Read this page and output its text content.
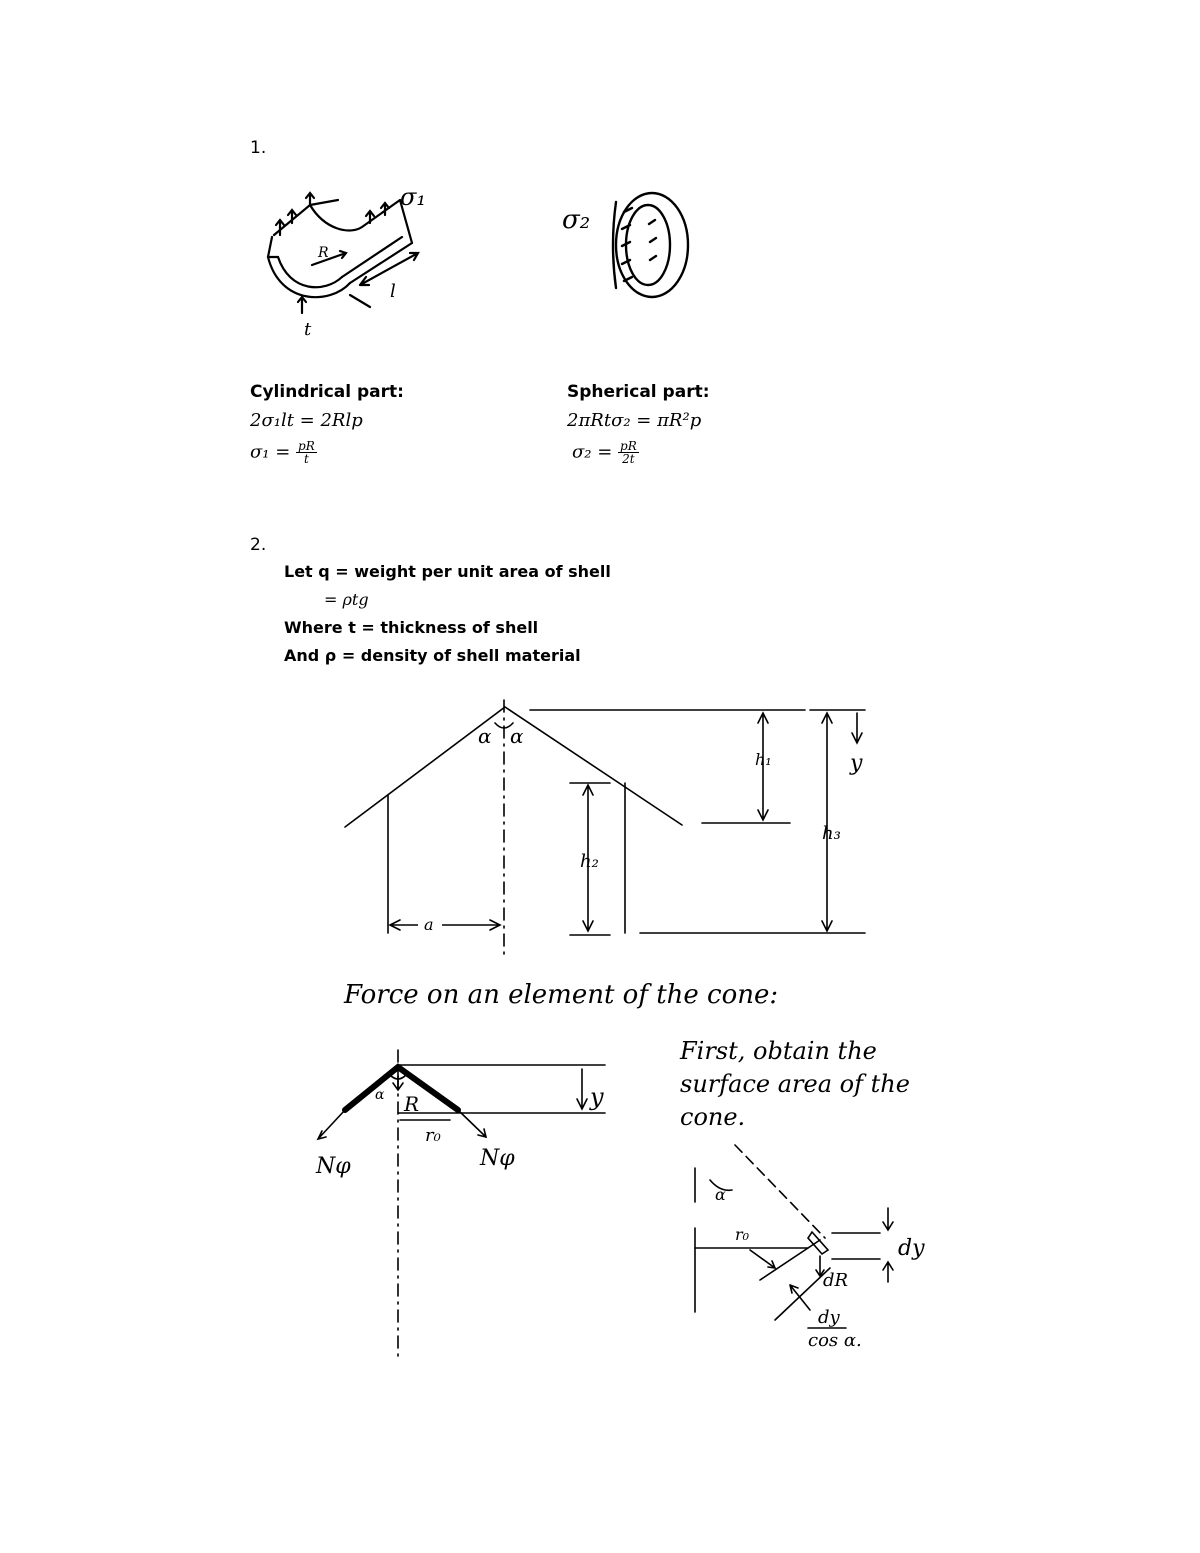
1.
σ₁
R
l
t
σ₂
Cylindrical part:
2σ₁lt = 2Rlp
$\sigma_1 = \frac{pR}{t}$
Spherical part:
2πRtσ₂ = πR²p
$\sigma_2 = \frac{pR}{2t}$
2.
Let q = weight per unit area of shell
= ρtg
Where t = thickness of shell
And ρ = density of shell material
α α
h₁
h₂
h₃
y
a
Force on an element of the cone:
α R
r₀
y
Nφ	Nφ
First, obtain the
surface area of the
cone.
α
r₀
dy
dR
dy
cos α.
